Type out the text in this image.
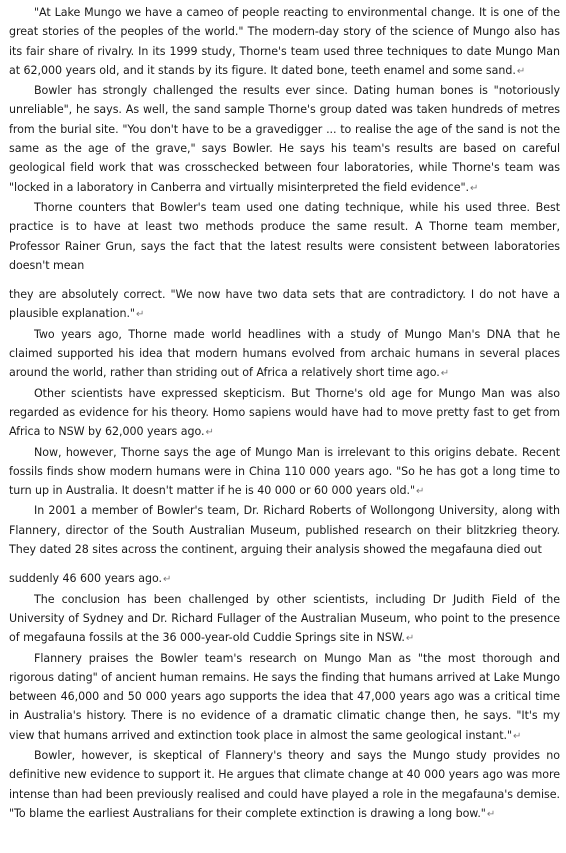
"At Lake Mungo we have a cameo of people reacting to environmental change. It is one of the great stories of the peoples of the world." The modern-day story of the science of Mungo also has its fair share of rivalry. In its 1999 study, Thorne's team used three techniques to date Mungo Man at 62,000 years old, and it stands by its figure. It dated bone, teeth enamel and some sand.↵

Bowler has strongly challenged the results ever since. Dating human bones is "notoriously unreliable", he says. As well, the sand sample Thorne's group dated was taken hundreds of metres from the burial site. "You don't have to be a gravedigger ... to realise the age of the sand is not the same as the age of the grave," says Bowler. He says his team's results are based on careful geological field work that was crosschecked between four laboratories, while Thorne's team was "locked in a laboratory in Canberra and virtually misinterpreted the field evidence".↵

Thorne counters that Bowler's team used one dating technique, while his used three. Best practice is to have at least two methods produce the same result. A Thorne team member, Professor Rainer Grun, says the fact that the latest results were consistent between laboratories doesn't mean

they are absolutely correct. "We now have two data sets that are contradictory. I do not have a plausible explanation."↵

Two years ago, Thorne made world headlines with a study of Mungo Man's DNA that he claimed supported his idea that modern humans evolved from archaic humans in several places around the world, rather than striding out of Africa a relatively short time ago.↵

Other scientists have expressed skepticism. But Thorne's old age for Mungo Man was also regarded as evidence for his theory. Homo sapiens would have had to move pretty fast to get from Africa to NSW by 62,000 years ago.↵

Now, however, Thorne says the age of Mungo Man is irrelevant to this origins debate. Recent fossils finds show modern humans were in China 110 000 years ago. "So he has got a long time to turn up in Australia. It doesn't matter if he is 40 000 or 60 000 years old."↵

In 2001 a member of Bowler's team, Dr. Richard Roberts of Wollongong University, along with Flannery, director of the South Australian Museum, published research on their blitzkrieg theory. They dated 28 sites across the continent, arguing their analysis showed the megafauna died out

suddenly 46 600 years ago.↵

The conclusion has been challenged by other scientists, including Dr Judith Field of the University of Sydney and Dr. Richard Fullager of the Australian Museum, who point to the presence of megafauna fossils at the 36 000-year-old Cuddie Springs site in NSW.↵

Flannery praises the Bowler team's research on Mungo Man as "the most thorough and rigorous dating" of ancient human remains. He says the finding that humans arrived at Lake Mungo between 46,000 and 50 000 years ago supports the idea that 47,000 years ago was a critical time in Australia's history. There is no evidence of a dramatic climatic change then, he says. "It's my view that humans arrived and extinction took place in almost the same geological instant."↵

Bowler, however, is skeptical of Flannery's theory and says the Mungo study provides no definitive new evidence to support it. He argues that climate change at 40 000 years ago was more intense than had been previously realised and could have played a role in the megafauna's demise. "To blame the earliest Australians for their complete extinction is drawing a long bow."↵
